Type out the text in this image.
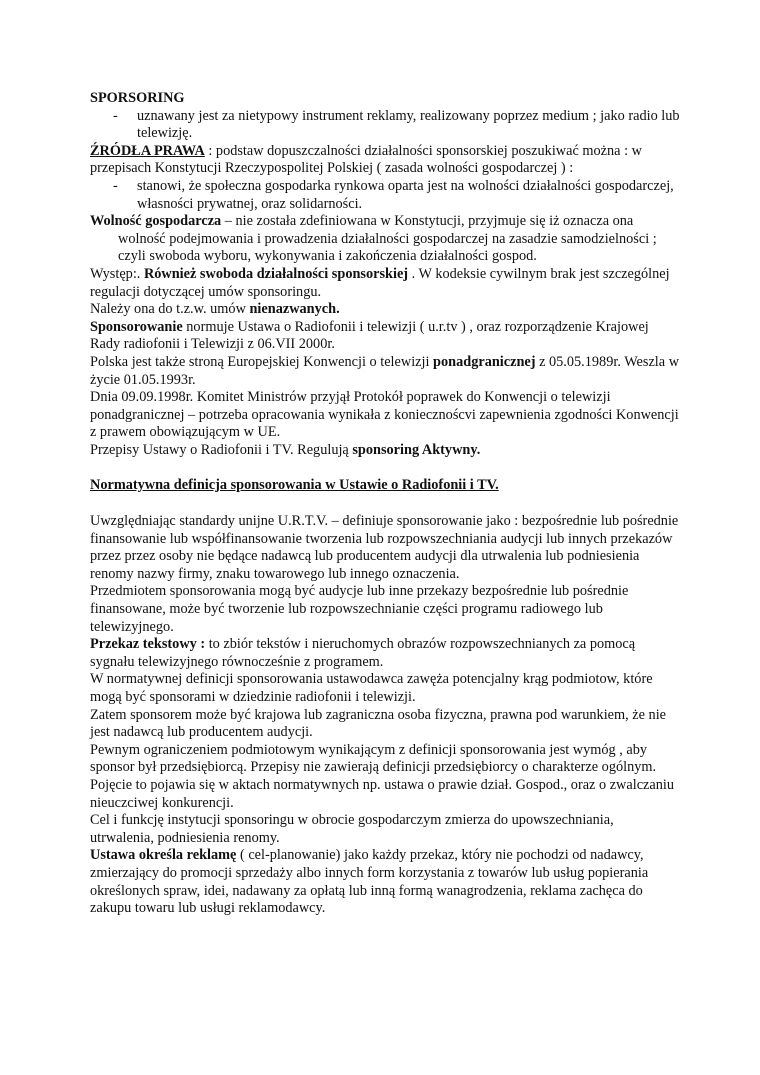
SPORSORING

-	uznawany jest za nietypowy instrument reklamy, realizowany poprzez medium ; jako radio lub telewizję.

ŹRÓDŁA PRAWA : podstaw dopuszczalności działalności sponsorskiej poszukiwać można : w przepisach Konstytucji Rzeczypospolitej Polskiej ( zasada wolności gospodarczej ) :

-	stanowi, że społeczna gospodarka rynkowa oparta jest na wolności działalności gospodarczej, własności prywatnej, oraz solidarności.

Wolność gospodarcza – nie została zdefiniowana w Konstytucji, przyjmuje się iż oznacza ona wolność podejmowania i prowadzenia działalności gospodarczej na zasadzie samodzielności ; czyli swoboda wyboru, wykonywania i zakończenia działalności gospod.

Występ:. Również swoboda działalności sponsorskiej . W kodeksie cywilnym brak jest szczególnej regulacji dotyczącej umów sponsoringu.

Należy ona do t.z.w. umów nienazwanych.

Sponsorowanie normuje Ustawa o Radiofonii i telewizji ( u.r.tv ) , oraz rozporządzenie Krajowej Rady radiofonii i Telewizji z 06.VII 2000r.

Polska jest także stroną Europejskiej Konwencji o telewizji ponadgranicznej z 05.05.1989r. Weszla w życie 01.05.1993r.

Dnia 09.09.1998r. Komitet Ministrów przyjął Protokół poprawek do Konwencji o telewizji ponadgranicznej – potrzeba opracowania wynikała z koniecznoścvi zapewnienia zgodności Konwencji z prawem obowiązującym w UE.

Przepisy Ustawy o Radiofonii i TV. Regulują sponsoring Aktywny.

Normatywna definicja sponsorowania w Ustawie o Radiofonii i TV.

Uwzględniając standardy unijne U.R.T.V. – definiuje sponsorowanie jako : bezpośrednie lub pośrednie finansowanie lub współfinansowanie tworzenia lub rozpowszechniania audycji lub innych przekazów przez przez osoby nie będące nadawcą lub producentem audycji dla utrwalenia lub podniesienia renomy nazwy firmy, znaku towarowego lub innego oznaczenia.

Przedmiotem sponsorowania mogą być audycje lub inne przekazy bezpośrednie lub pośrednie finansowane, może być tworzenie lub rozpowszechnianie części programu radiowego lub telewizyjnego.

Przekaz tekstowy : to zbiór tekstów i nieruchomych obrazów rozpowszechnianych za pomocą sygnału telewizyjnego równocześnie z programem.

W normatywnej definicji sponsorowania ustawodawca zawęża potencjalny krąg podmiotow, które mogą być sponsorami w dziedzinie radiofonii i telewizji.

Zatem sponsorem może być krajowa lub zagraniczna osoba fizyczna, prawna pod warunkiem, że nie jest nadawcą lub producentem audycji.

Pewnym ograniczeniem podmiotowym wynikającym z definicji sponsorowania jest wymóg , aby sponsor był przedsiębiorcą. Przepisy nie zawierają definicji przedsiębiorcy o charakterze ogólnym. Pojęcie to pojawia się w aktach normatywnych np. ustawa o prawie dział. Gospod., oraz o zwalczaniu nieuczciwej konkurencji.

Cel i funkcję instytucji sponsoringu w obrocie gospodarczym zmierza do upowszechniania, utrwalenia, podniesienia renomy.

Ustawa określa reklamę ( cel-planowanie) jako każdy przekaz, który nie pochodzi od nadawcy, zmierzający do promocji sprzedaży albo innych form korzystania z towarów lub usług popierania określonych spraw, idei, nadawany za opłatą lub inną formą wanagrodzenia, reklama zachęca do zakupu towaru lub usługi reklamodawcy.
